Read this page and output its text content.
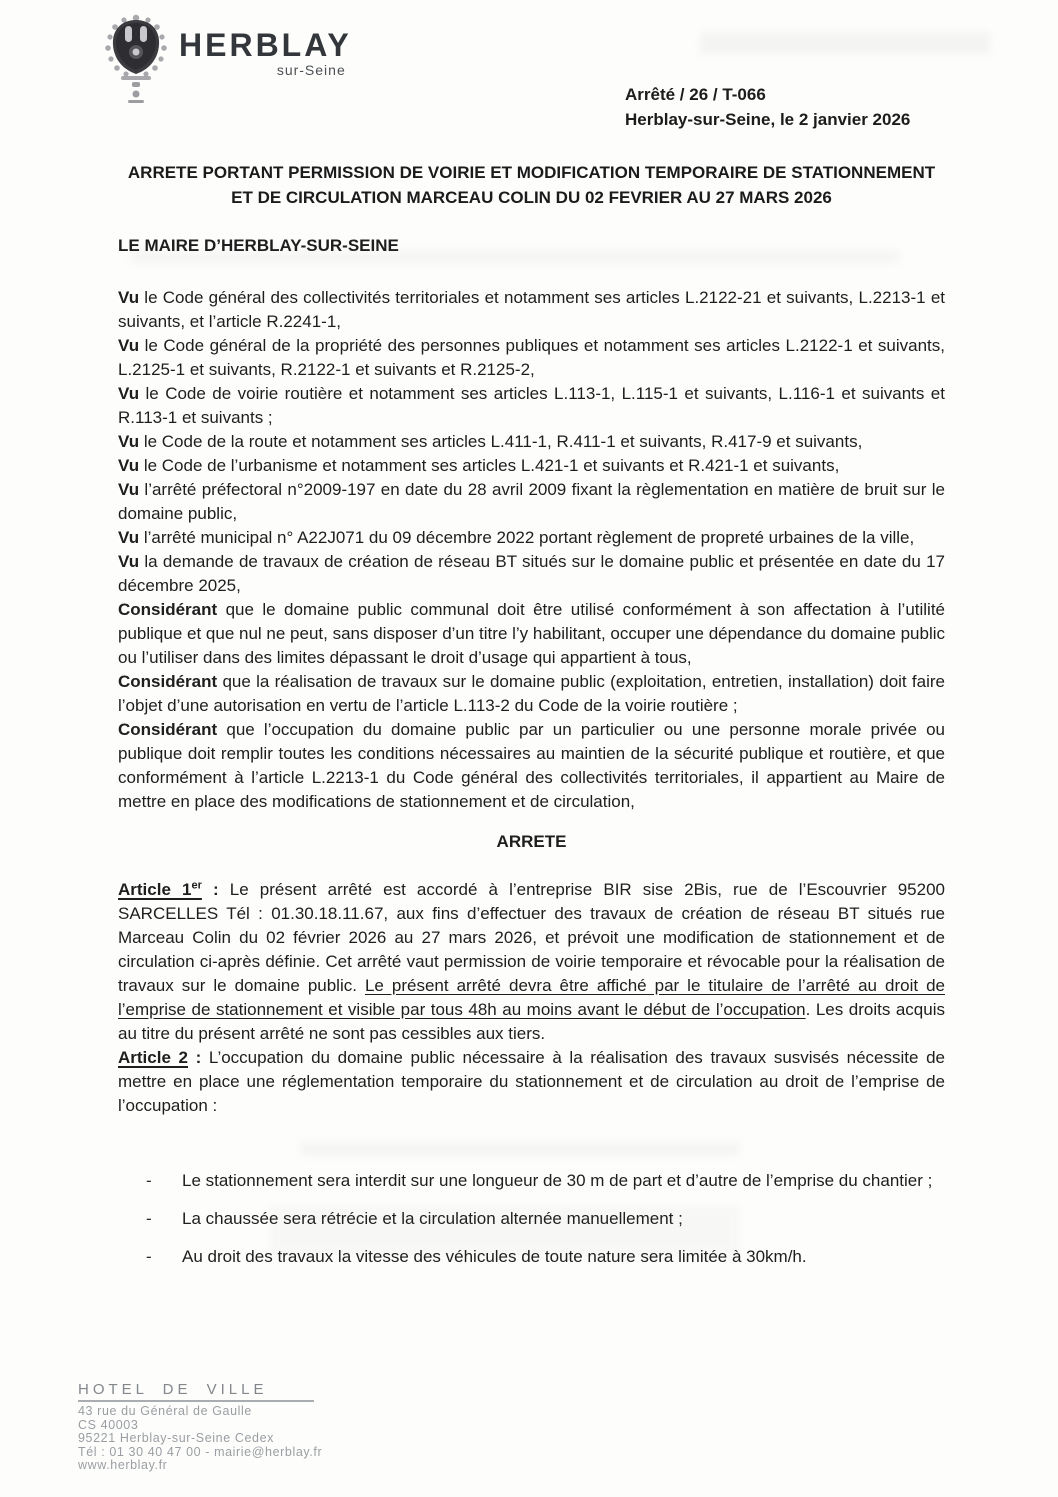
HERBLAY
sur-Seine
Arrêté / 26 / T-066
Herblay-sur-Seine, le 2 janvier 2026
ARRETE PORTANT PERMISSION DE VOIRIE ET MODIFICATION TEMPORAIRE DE STATIONNEMENT
ET DE CIRCULATION MARCEAU COLIN DU 02 FEVRIER AU 27 MARS 2026
LE MAIRE D’HERBLAY-SUR-SEINE

Vu le Code général des collectivités territoriales et notamment ses articles L.2122-21 et suivants, L.2213-1 et suivants, et l’article R.2241-1,

Vu le Code général de la propriété des personnes publiques et notamment ses articles L.2122-1 et suivants, L.2125-1 et suivants, R.2122-1 et suivants et R.2125-2,

Vu le Code de voirie routière et notamment ses articles L.113-1, L.115-1 et suivants, L.116-1 et suivants et R.113-1 et suivants ;

Vu le Code de la route et notamment ses articles L.411-1, R.411-1 et suivants, R.417-9 et suivants,

Vu le Code de l’urbanisme et notamment ses articles L.421-1 et suivants et R.421-1 et suivants,

Vu l’arrêté préfectoral n°2009-197 en date du 28 avril 2009 fixant la règlementation en matière de bruit sur le domaine public,

Vu l’arrêté municipal n° A22J071 du 09 décembre 2022 portant règlement de propreté urbaines de la ville,

Vu la demande de travaux de création de réseau BT situés sur le domaine public et présentée en date du 17 décembre 2025,

Considérant que le domaine public communal doit être utilisé conformément à son affectation à l’utilité publique et que nul ne peut, sans disposer d’un titre l’y habilitant, occuper une dépendance du domaine public ou l’utiliser dans des limites dépassant le droit d’usage qui appartient à tous,

Considérant que la réalisation de travaux sur le domaine public (exploitation, entretien, installation) doit faire l’objet d’une autorisation en vertu de l’article L.113-2 du Code de la voirie routière ;

Considérant que l’occupation du domaine public par un particulier ou une personne morale privée ou publique doit remplir toutes les conditions nécessaires au maintien de la sécurité publique et routière, et que conformément à l’article L.2213-1 du Code général des collectivités territoriales, il appartient au Maire de mettre en place des modifications de stationnement et de circulation,

ARRETE

Article 1er : Le présent arrêté est accordé à l’entreprise BIR sise 2Bis, rue de l’Escouvrier 95200 SARCELLES Tél : 01.30.18.11.67, aux fins d’effectuer des travaux de création de réseau BT situés rue Marceau Colin du 02 février 2026 au 27 mars 2026, et prévoit une modification de stationnement et de circulation ci-après définie. Cet arrêté vaut permission de voirie temporaire et révocable pour la réalisation de travaux sur le domaine public. Le présent arrêté devra être affiché par le titulaire de l’arrêté au droit de l’emprise de stationnement et visible par tous 48h au moins avant le début de l’occupation. Les droits acquis au titre du présent arrêté ne sont pas cessibles aux tiers.

Article 2 : L’occupation du domaine public nécessaire à la réalisation des travaux susvisés nécessite de mettre en place une réglementation temporaire du stationnement et de circulation au droit de l’emprise de l’occupation :

-	Le stationnement sera interdit sur une longueur de 30 m de part et d’autre de l’emprise du chantier ;
-	La chaussée sera rétrécie et la circulation alternée manuellement ;
-	Au droit des travaux la vitesse des véhicules de toute nature sera limitée à 30km/h.
HOTEL DE VILLE
43 rue du Général de Gaulle
CS 40003
95221 Herblay-sur-Seine Cedex
Tél : 01 30 40 47 00 - mairie@herblay.fr
www.herblay.fr
